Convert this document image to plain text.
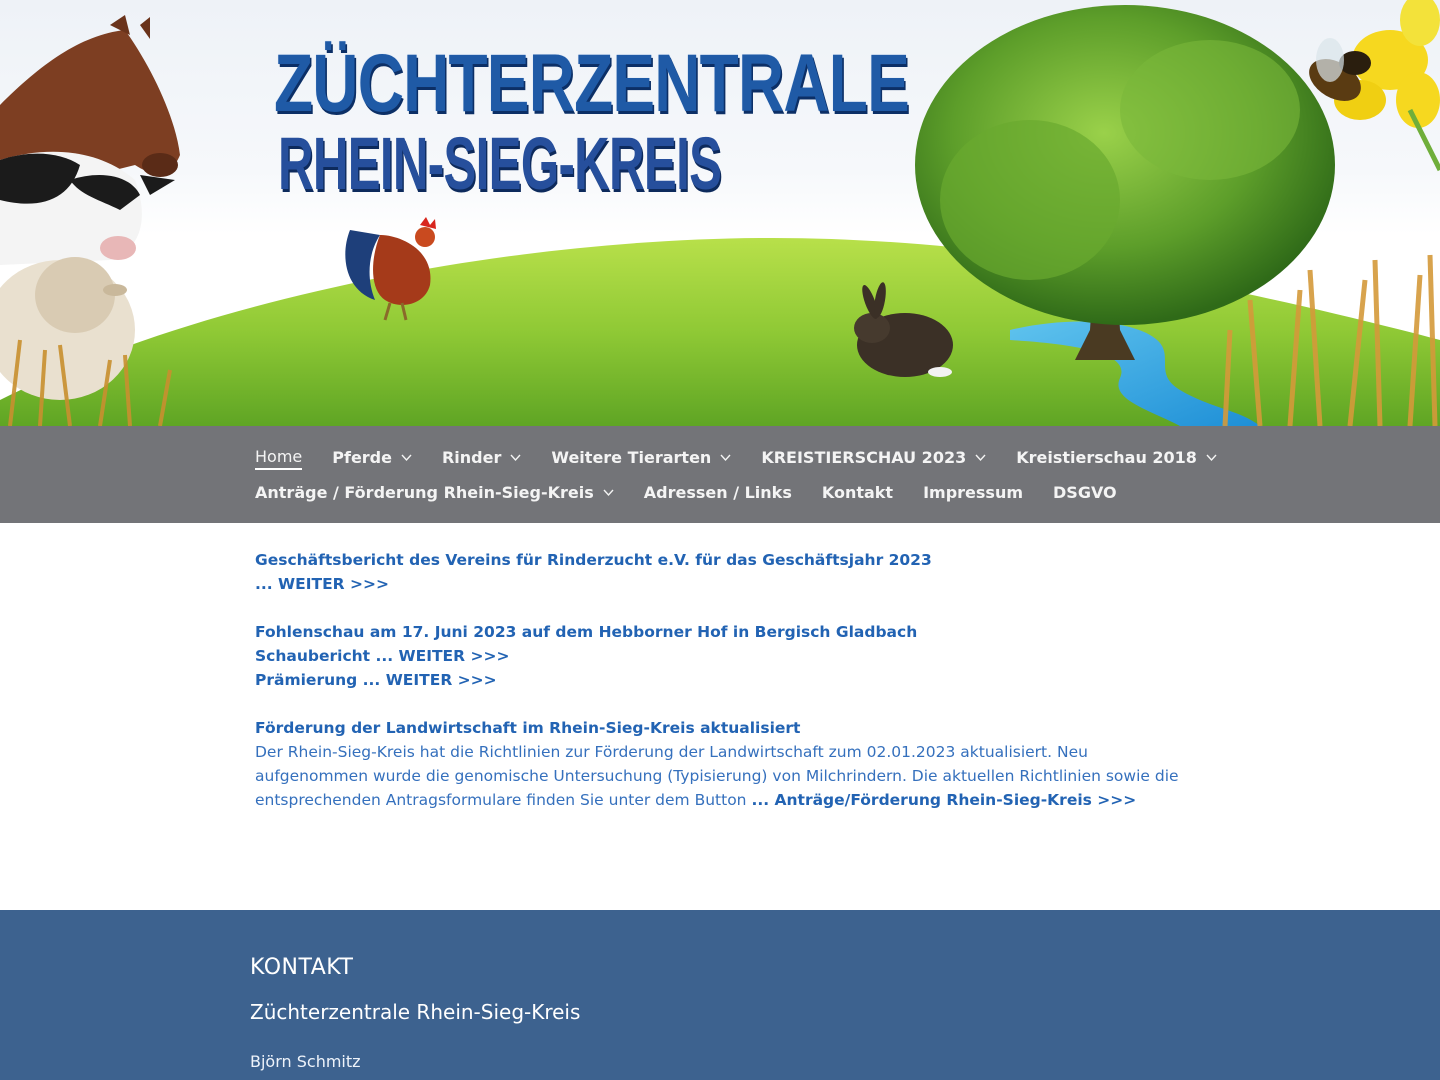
ZÜCHTERZENTRALE
RHEIN-SIEG-KREIS
Home Pferde	Rinder	Weitere Tierarten	KREISTIERSCHAU 2023	Kreistierschau 2018
Anträge / Förderung Rhein-Sieg-Kreis	Adressen / Links Kontakt Impressum DSGVO
Geschäftsbericht des Vereins für Rinderzucht e.V. für das Geschäftsjahr 2023
... WEITER >>>
Fohlenschau am 17. Juni 2023 auf dem Hebborner Hof in Bergisch Gladbach
Schaubericht ... WEITER >>>
Prämierung ... WEITER >>>
Förderung der Landwirtschaft im Rhein-Sieg-Kreis aktualisiert

Der Rhein-Sieg-Kreis hat die Richtlinien zur Förderung der Landwirtschaft zum 02.01.2023 aktualisiert. Neu aufgenommen wurde die genomische Untersuchung (Typisierung) von Milchrindern. Die aktuellen Richtlinien sowie die entsprechenden Antragsformulare finden Sie unter dem Button ... Anträge/Förderung Rhein-Sieg-Kreis >>>

KONTAKT
Züchterzentrale Rhein-Sieg-Kreis
Björn Schmitz
